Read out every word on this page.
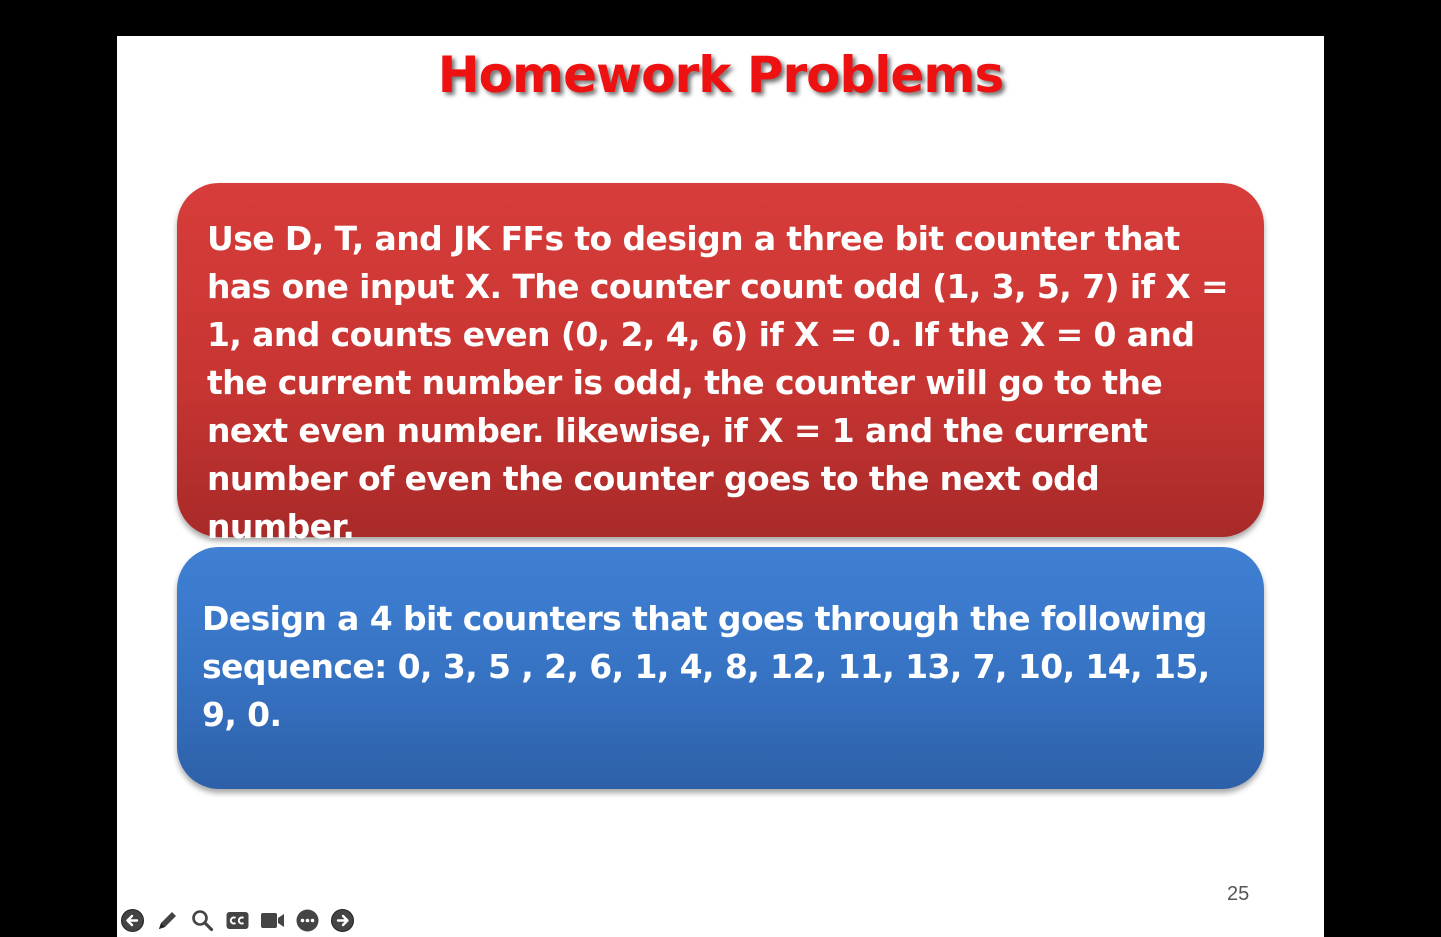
Homework Problems
Use D, T, and JK FFs to design a three bit counter that has one input X. The counter count odd (1, 3, 5, 7) if X = 1, and counts even (0, 2, 4, 6) if X = 0. If the X = 0 and the current number is odd, the counter will go to the next even number. likewise, if X = 1 and the current  number of even the counter goes to the next odd number.
Design a 4 bit counters that goes through the following sequence: 0, 3, 5 , 2, 6, 1, 4, 8, 12, 11, 13, 7, 10, 14, 15, 9, 0.
25
